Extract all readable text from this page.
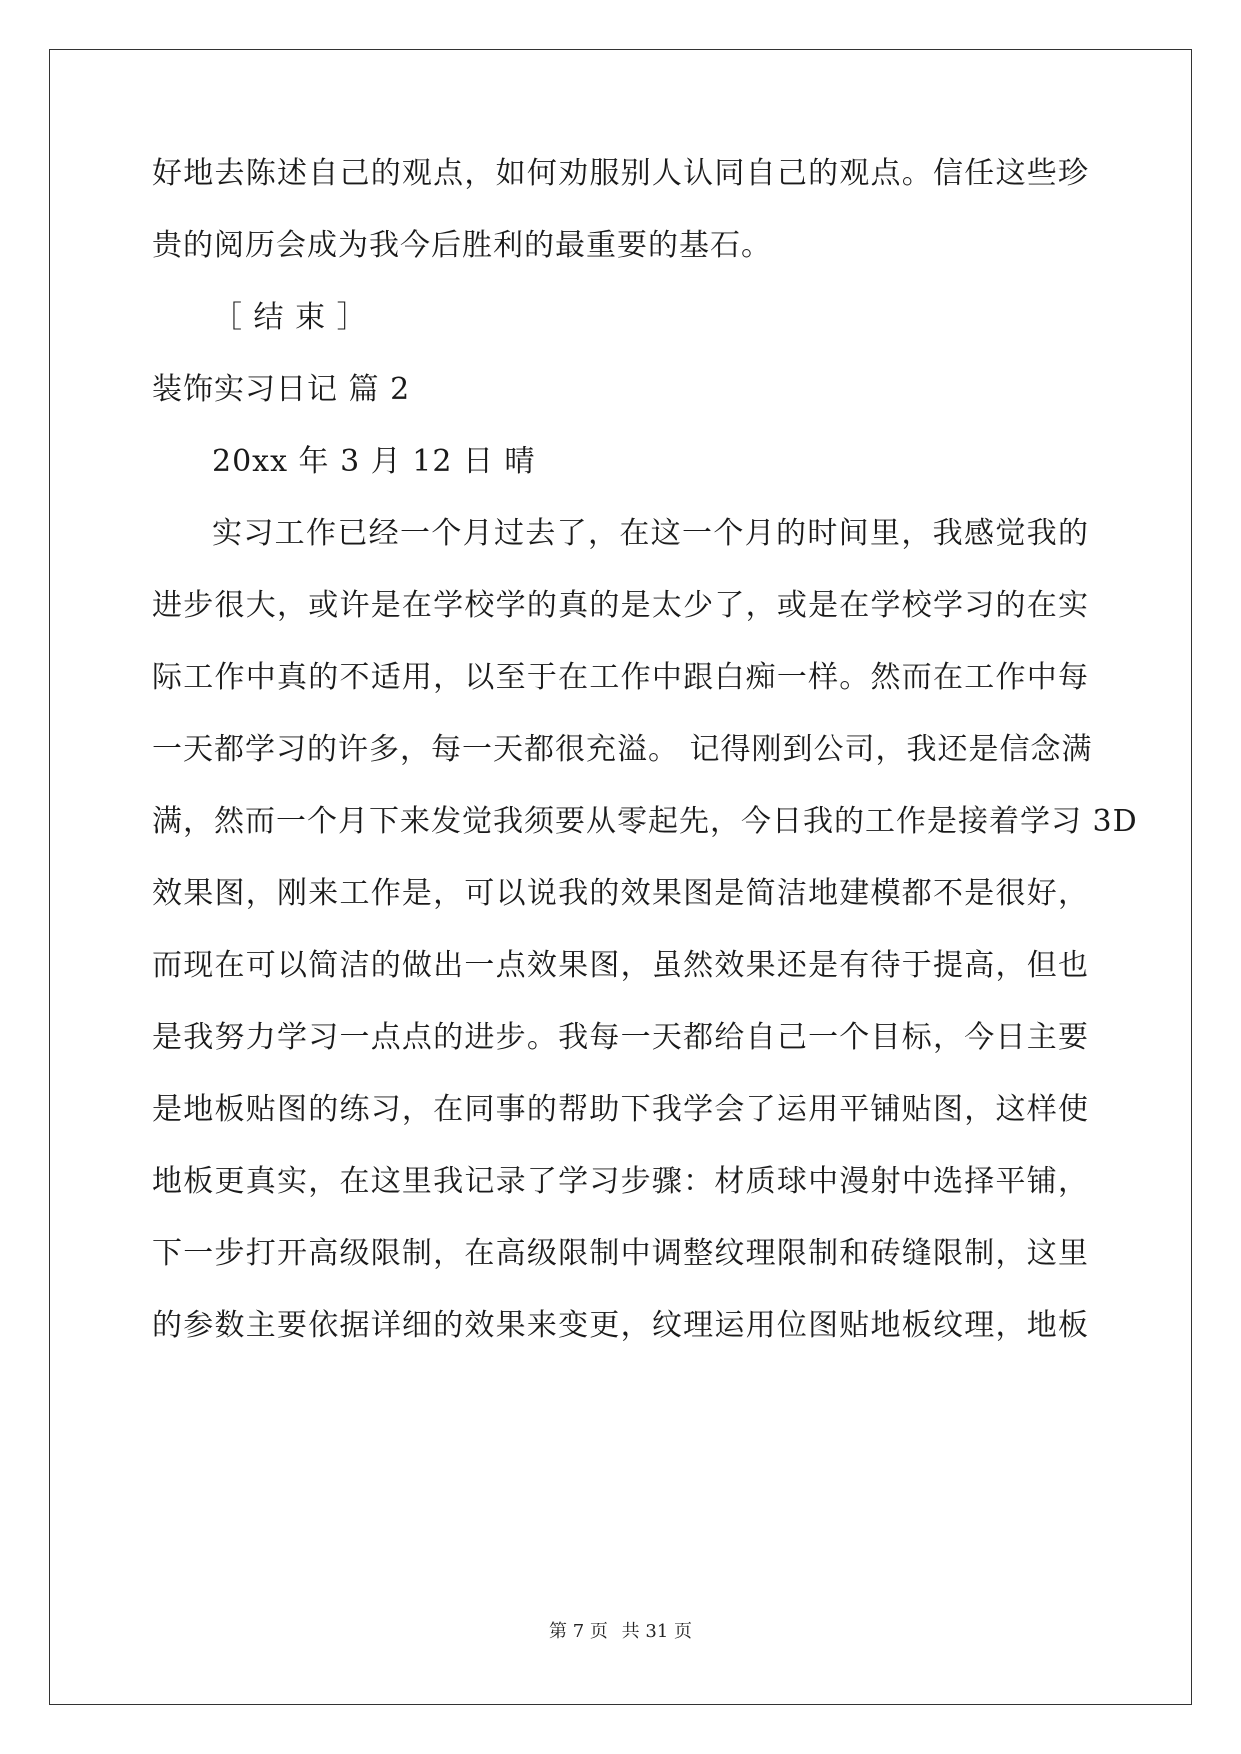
好地去陈述自己的观点，如何劝服别人认同自己的观点。信任这些珍
贵的阅历会成为我今后胜利的最重要的基石。
［ 结 束 ］
装饰实习日记 篇 2
20xx 年 3 月 12 日 晴
实习工作已经一个月过去了，在这一个月的时间里，我感觉我的
进步很大，或许是在学校学的真的是太少了，或是在学校学习的在实
际工作中真的不适用，以至于在工作中跟白痴一样。然而在工作中每
一天都学习的许多，每一天都很充溢。 记得刚到公司，我还是信念满
满，然而一个月下来发觉我须要从零起先，今日我的工作是接着学习 3D
效果图，刚来工作是，可以说我的效果图是简洁地建模都不是很好，
而现在可以简洁的做出一点效果图，虽然效果还是有待于提高，但也
是我努力学习一点点的进步。我每一天都给自己一个目标，今日主要
是地板贴图的练习，在同事的帮助下我学会了运用平铺贴图，这样使
地板更真实，在这里我记录了学习步骤：材质球中漫射中选择平铺，
下一步打开高级限制，在高级限制中调整纹理限制和砖缝限制，这里
的参数主要依据详细的效果来变更，纹理运用位图贴地板纹理，地板
第 7 页 共 31 页
